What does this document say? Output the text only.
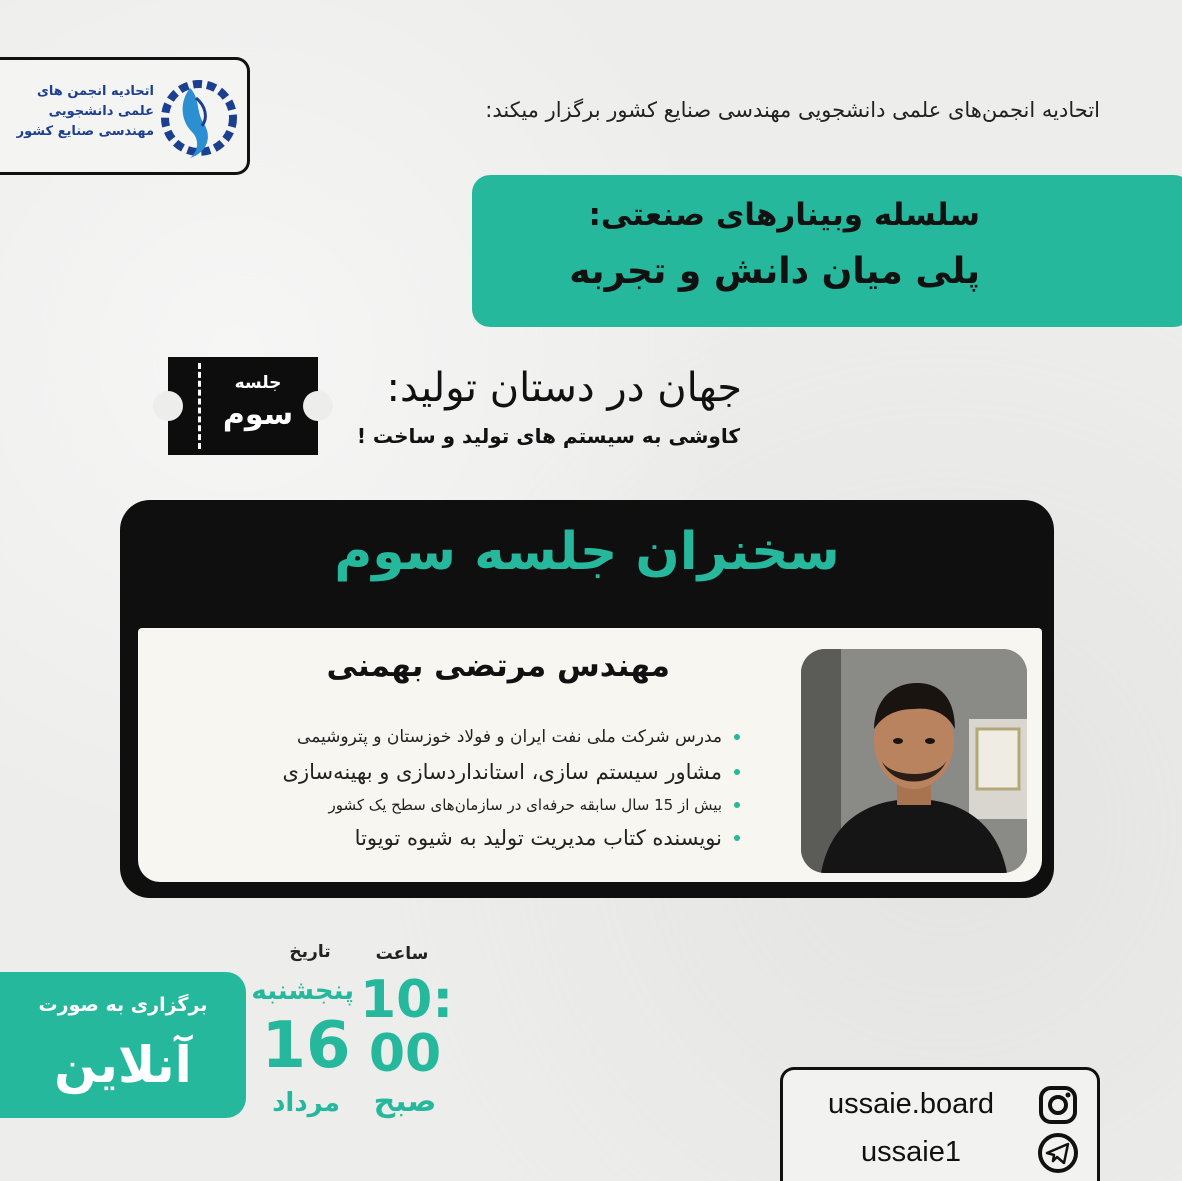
اتحادیه انجمن های
علمی دانشجویی
مهندسی صنایع کشور
اتحادیه انجمن‌های علمی دانشجویی مهندسی صنایع کشور برگزار میکند:
سلسله وبینارهای صنعتی:
پلی میان دانش و تجربه
جلسه
سوم
جهان در دستان تولید:
کاوشی به سیستم های تولید و ساخت !
سخنران جلسه سوم
مهندس مرتضی بهمنی
مدرس شرکت ملی نفت ایران و فولاد خوزستان و پتروشیمی
مشاور سیستم سازی، استانداردسازی و بهینه‌سازی
بیش از 15 سال سابقه حرفه‌ای در سازمان‌های سطح یک کشور
نویسنده کتاب مدیریت تولید به شیوه تویوتا
برگزاری به صورت
آنلاین
تاریخ	ساعت
پنجشنبه
16
مرداد
10:
00
صبح	ussaie.board
ussaie1
